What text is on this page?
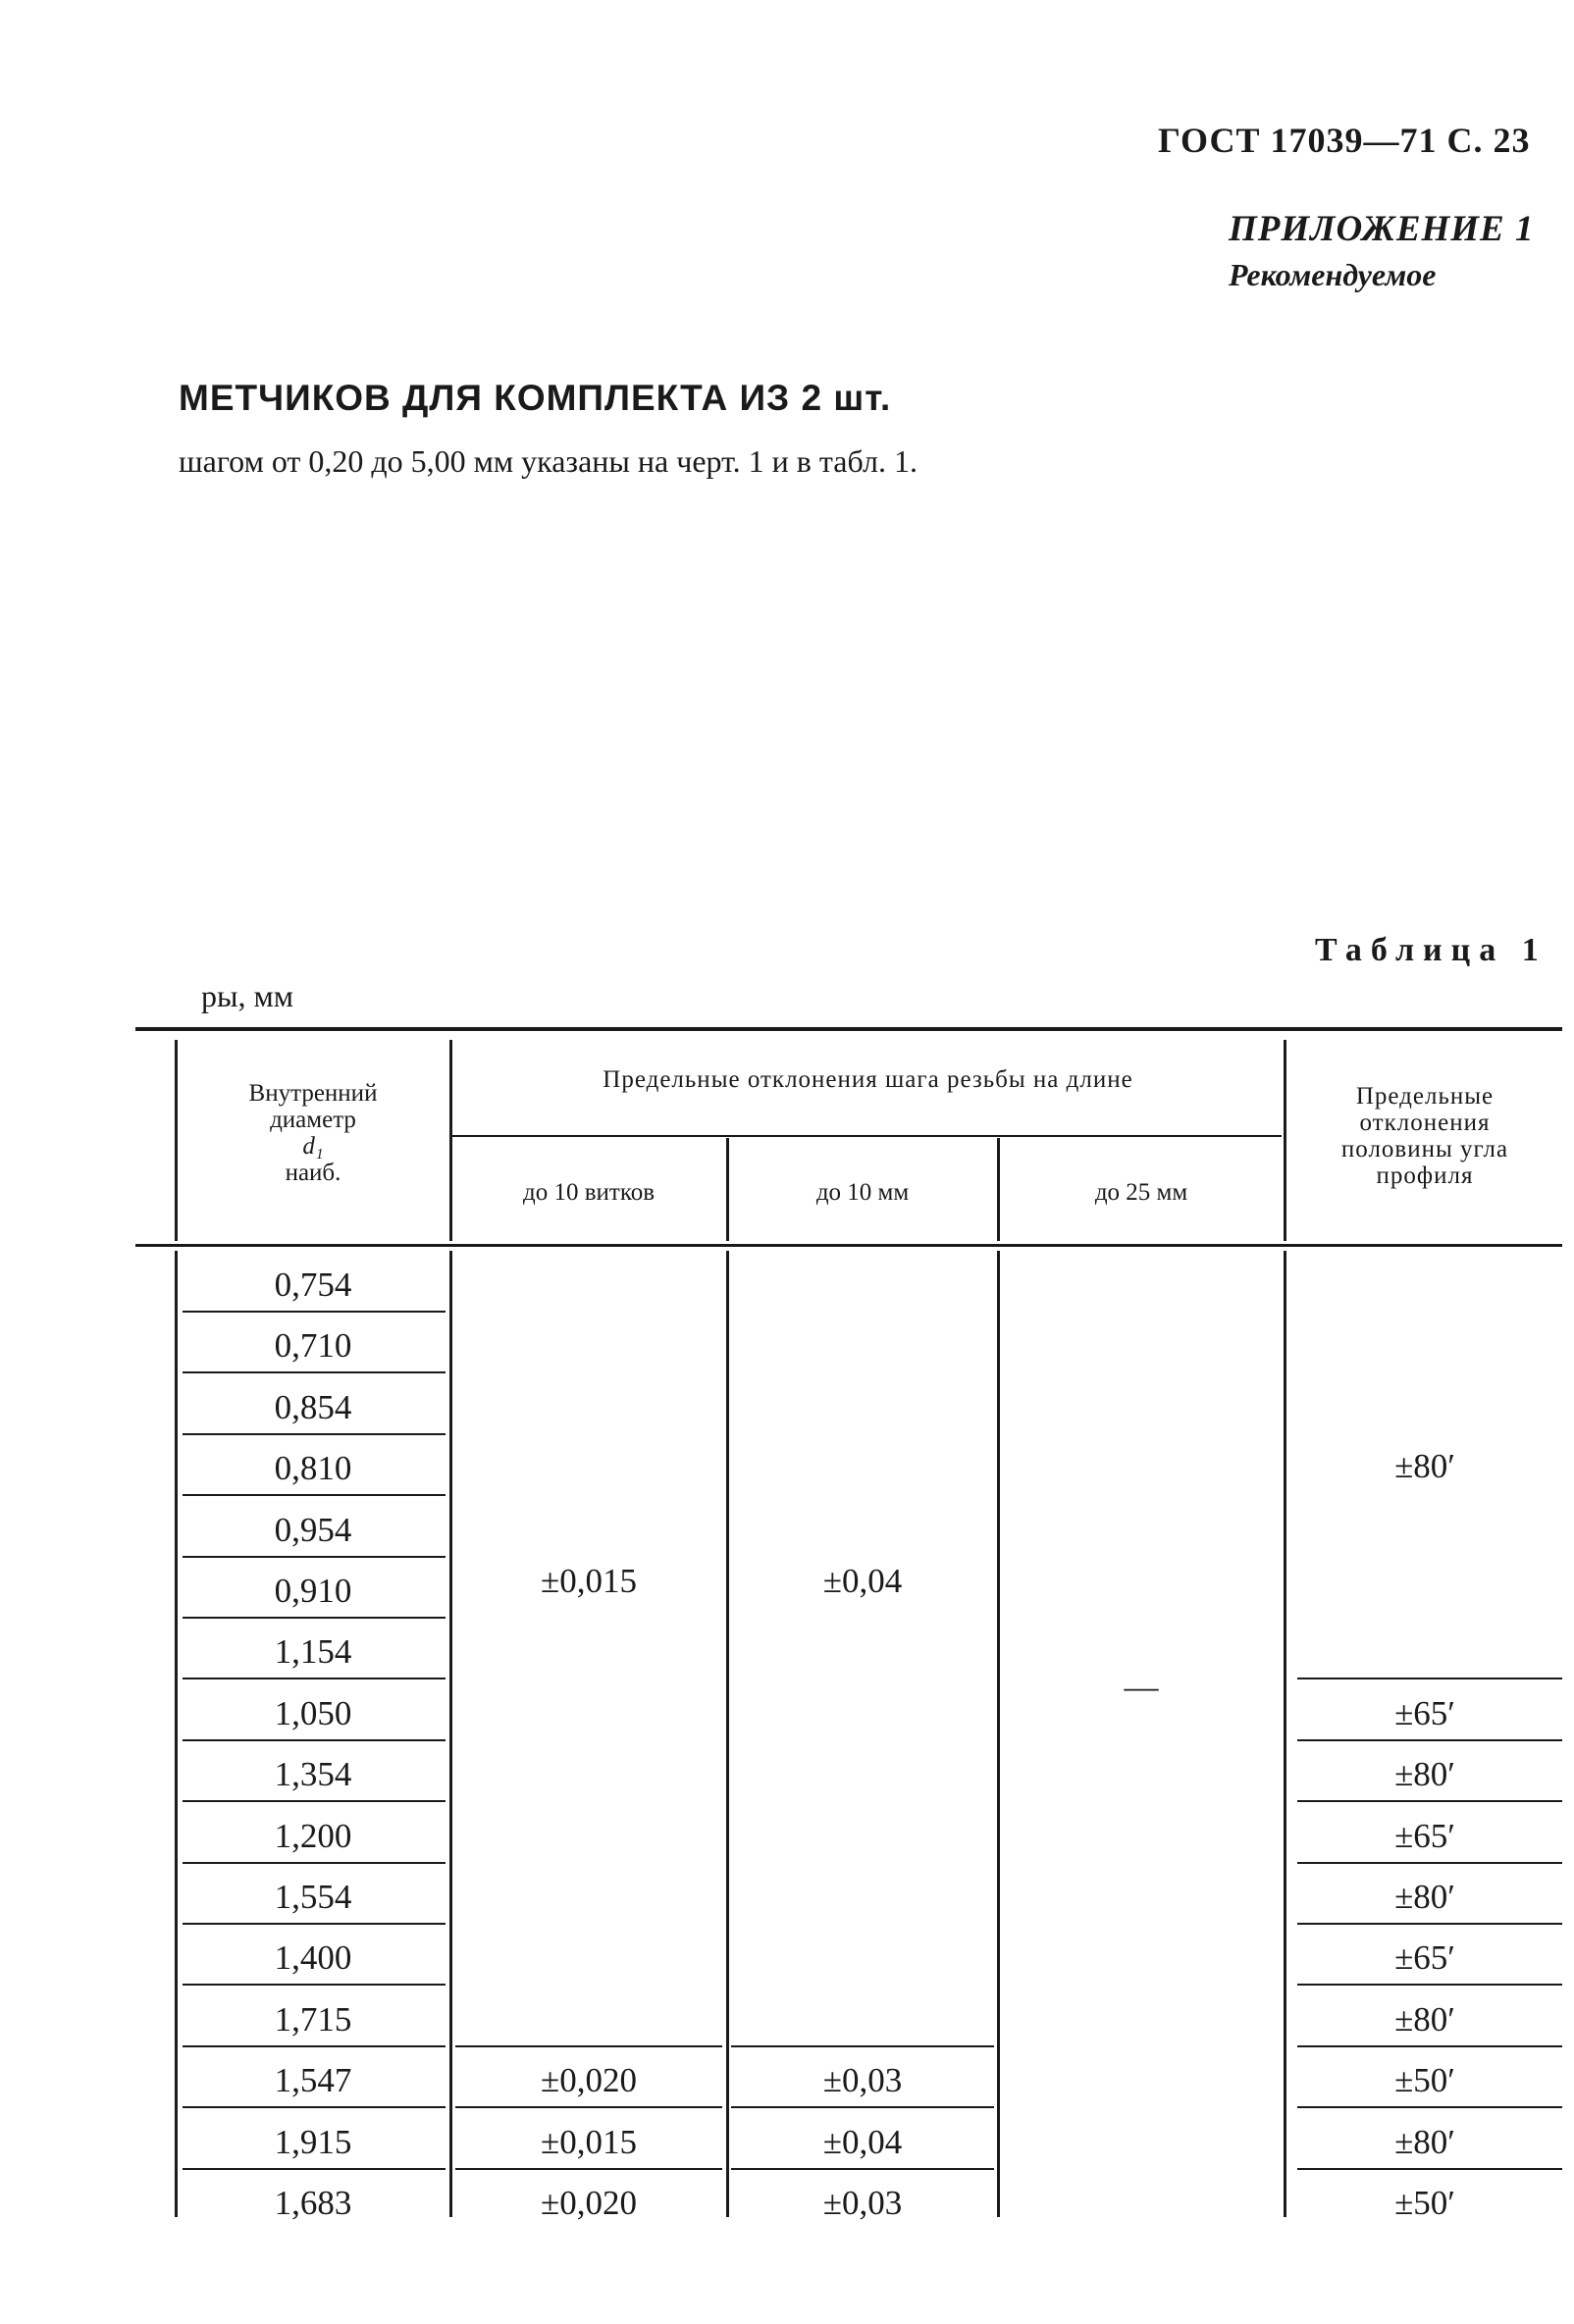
ГОСТ 17039—71 С. 23
ПРИЛОЖЕНИЕ 1
Рекомендуемое
МЕТЧИКОВ ДЛЯ КОМПЛЕКТА ИЗ 2 шт.
шагом от 0,20 до 5,00 мм указаны на черт. 1 и в табл. 1.
Таблица 1
ры, мм
Внутренний
диаметр
d₁
наиб.
Предельные отклонения шага резьбы на длине
до 10 витков	до 10 мм	до 25 мм
Предельные
отклонения
половины угла
профиля
0,754
0,710
0,854
0,810
0,954
0,910
1,154
1,050
1,354
1,200
1,554
1,400
1,715
1,547
1,915
1,683
±0,015
±0,020
±0,015
±0,020
±0,04
±0,03
±0,04
±0,03
—
±80′
±65′
±80′
±65′
±80′
±65′
±80′
±50′
±80′
±50′
